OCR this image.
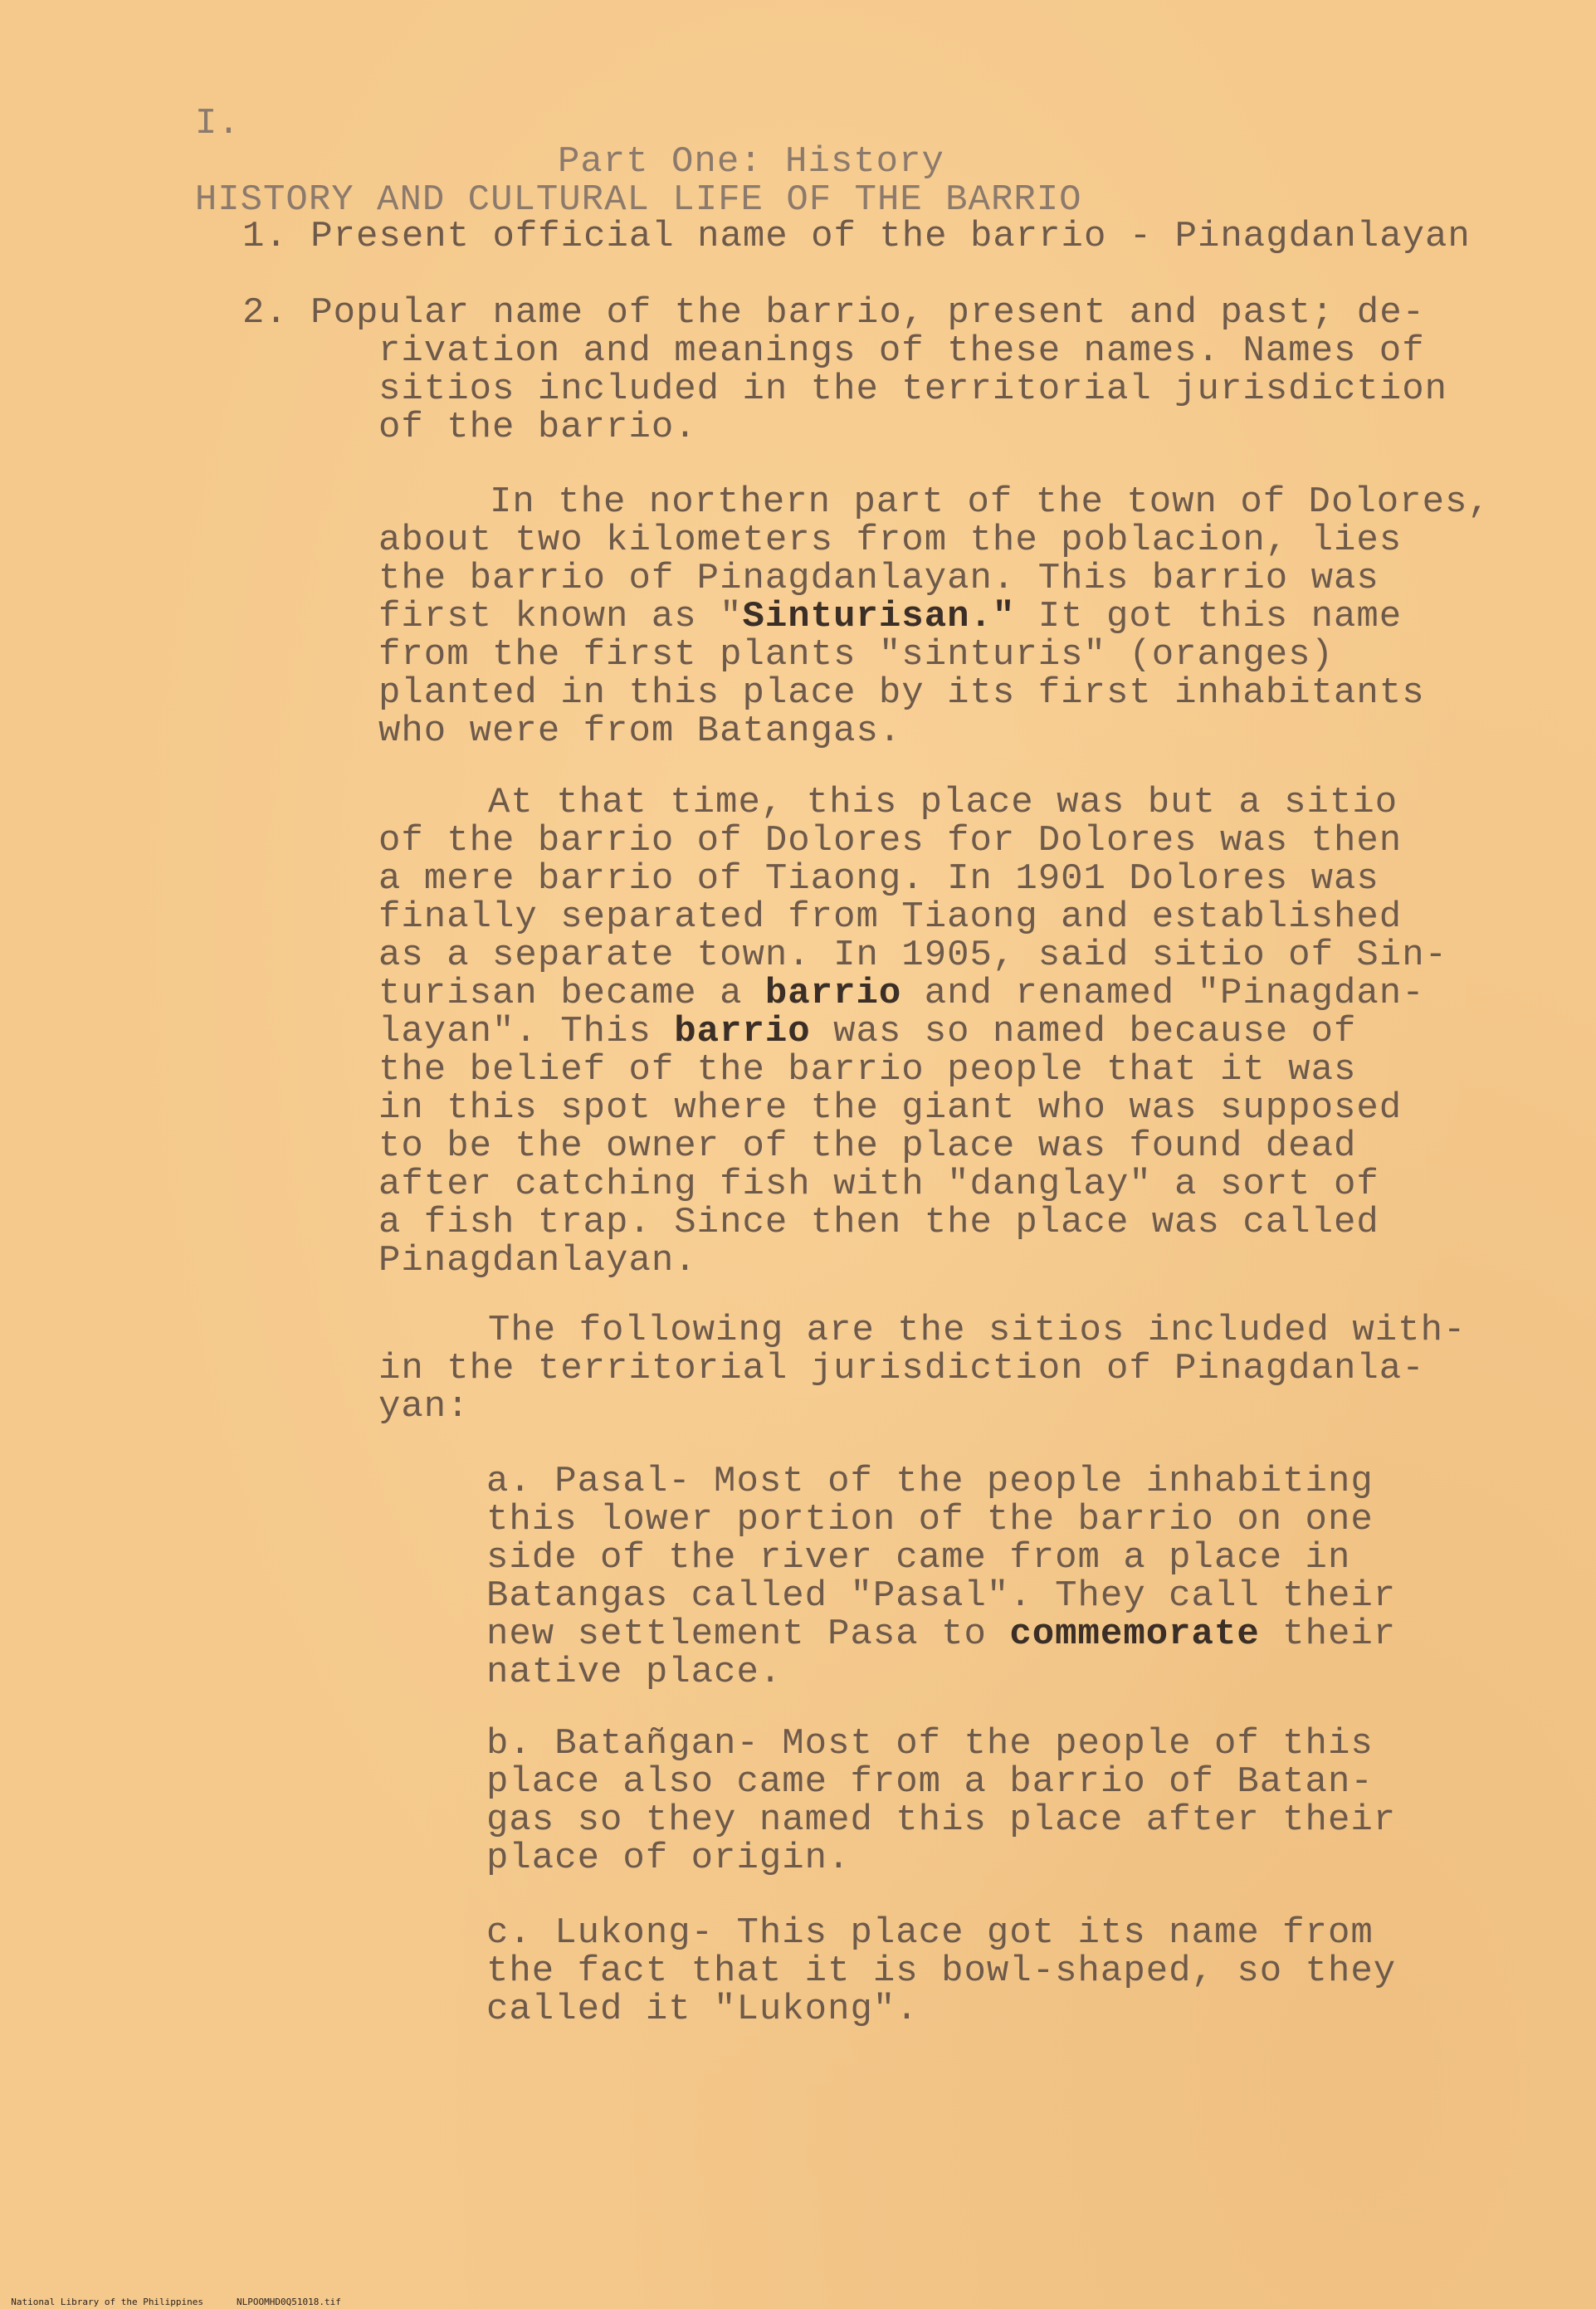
I.

HISTORY AND CULTURAL LIFE OF THE BARRIO

Part One: History
1. Present official name of the barrio - Pinagdanlayan
2. Popular name of the barrio, present and past; de-
rivation and meanings of these names. Names of
sitios included in the territorial jurisdiction
of the barrio.
In the northern part of the town of Dolores,
about two kilometers from the poblacion, lies
the barrio of Pinagdanlayan. This barrio was
first known as "Sinturisan." It got this name
from the first plants "sinturis" (oranges)
planted in this place by its first inhabitants
who were from Batangas.
At that time, this place was but a sitio
of the barrio of Dolores for Dolores was then
a mere barrio of Tiaong. In 1901 Dolores was
finally separated from Tiaong and established
as a separate town. In 1905, said sitio of Sin-
turisan became a barrio and renamed "Pinagdan-
layan". This barrio was so named because of
the belief of the barrio people that it was
in this spot where the giant who was supposed
to be the owner of the place was found dead
after catching fish with "danglay" a sort of
a fish trap. Since then the place was called
Pinagdanlayan.
The following are the sitios included with-
in the territorial jurisdiction of Pinagdanla-
yan:
a. Pasal- Most of the people inhabiting
this lower portion of the barrio on one
side of the river came from a place in
Batangas called "Pasal". They call their
new settlement Pasa to commemorate their
native place.
b. Batañgan- Most of the people of this
place also came from a barrio of Batan-
gas so they named this place after their
place of origin.
c. Lukong- This place got its name from
the fact that it is bowl-shaped, so they
called it "Lukong".

National Library of the Philippines	NLPOOMHD0Q51018.tif
